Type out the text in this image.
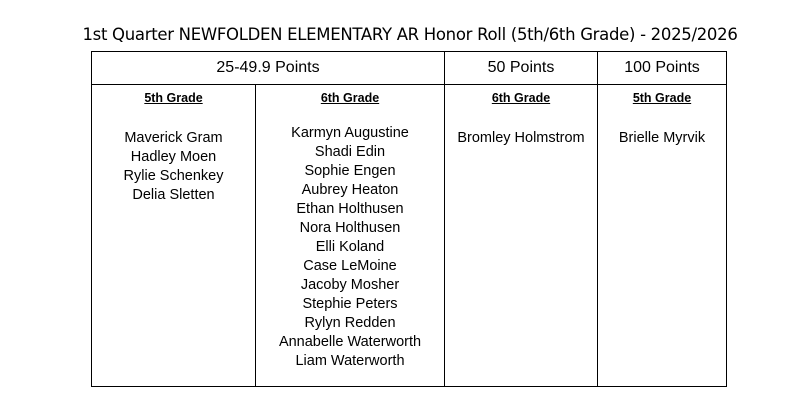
1st Quarter NEWFOLDEN ELEMENTARY AR Honor Roll (5th/6th Grade) - 2025/2026
25-49.9 Points	50 Points	100 Points
5th Grade
Maverick Gram
Hadley Moen
Rylie Schenkey
Delia Sletten
6th Grade
Karmyn Augustine
Shadi Edin
Sophie Engen
Aubrey Heaton
Ethan Holthusen
Nora Holthusen
Elli Koland
Case LeMoine
Jacoby Mosher
Stephie Peters
Rylyn Redden
Annabelle Waterworth
Liam Waterworth
6th Grade
Bromley Holmstrom
5th Grade
Brielle Myrvik
